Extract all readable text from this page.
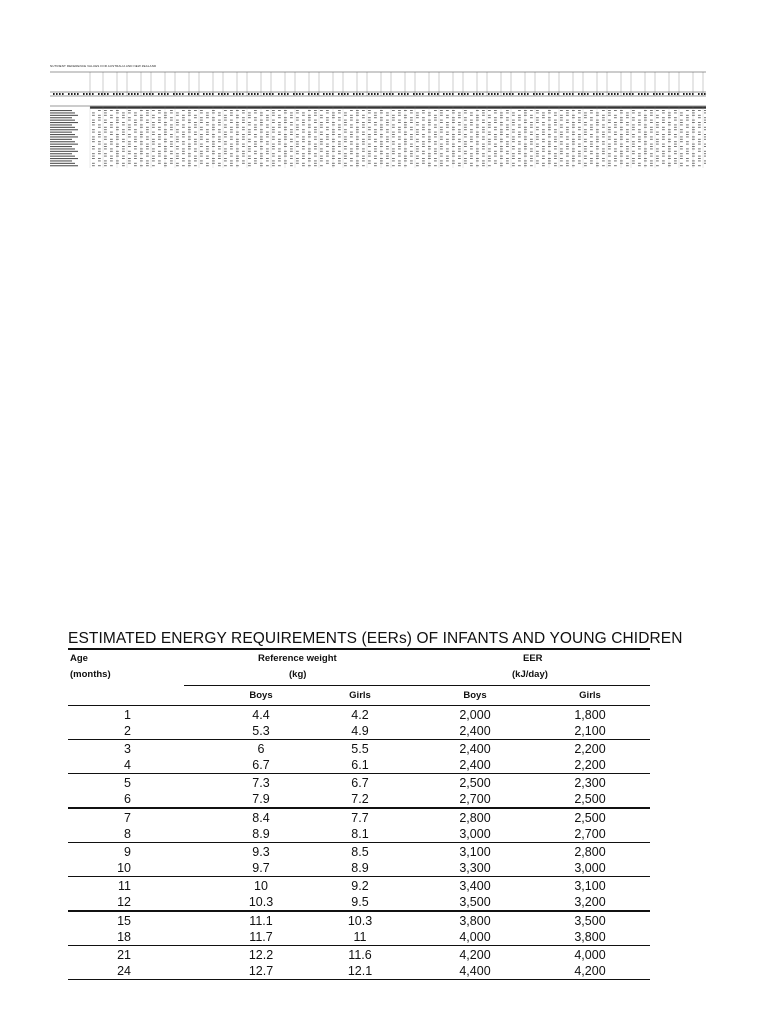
NUTRIENT REFERENCE VALUES FOR AUSTRALIA AND NEW ZEALAND
ESTIMATED ENERGY REQUIREMENTS (EERs) OF INFANTS AND YOUNG CHIDREN
Age
(months)
Reference weight
(kg)
EER
(kJ/day)
Boys	Girls	Boys	Girls
1	4.4	4.2	2,000	1,800
2	5.3	4.9	2,400	2,100
3	6	5.5	2,400	2,200
4	6.7	6.1	2,400	2,200
5	7.3	6.7	2,500	2,300
6	7.9	7.2	2,700	2,500
7	8.4	7.7	2,800	2,500
8	8.9	8.1	3,000	2,700
9	9.3	8.5	3,100	2,800
10	9.7	8.9	3,300	3,000
11	10	9.2	3,400	3,100
12	10.3	9.5	3,500	3,200
15	11.1	10.3	3,800	3,500
18	11.7	11	4,000	3,800
21	12.2	11.6	4,200	4,000
24	12.7	12.1	4,400	4,200
